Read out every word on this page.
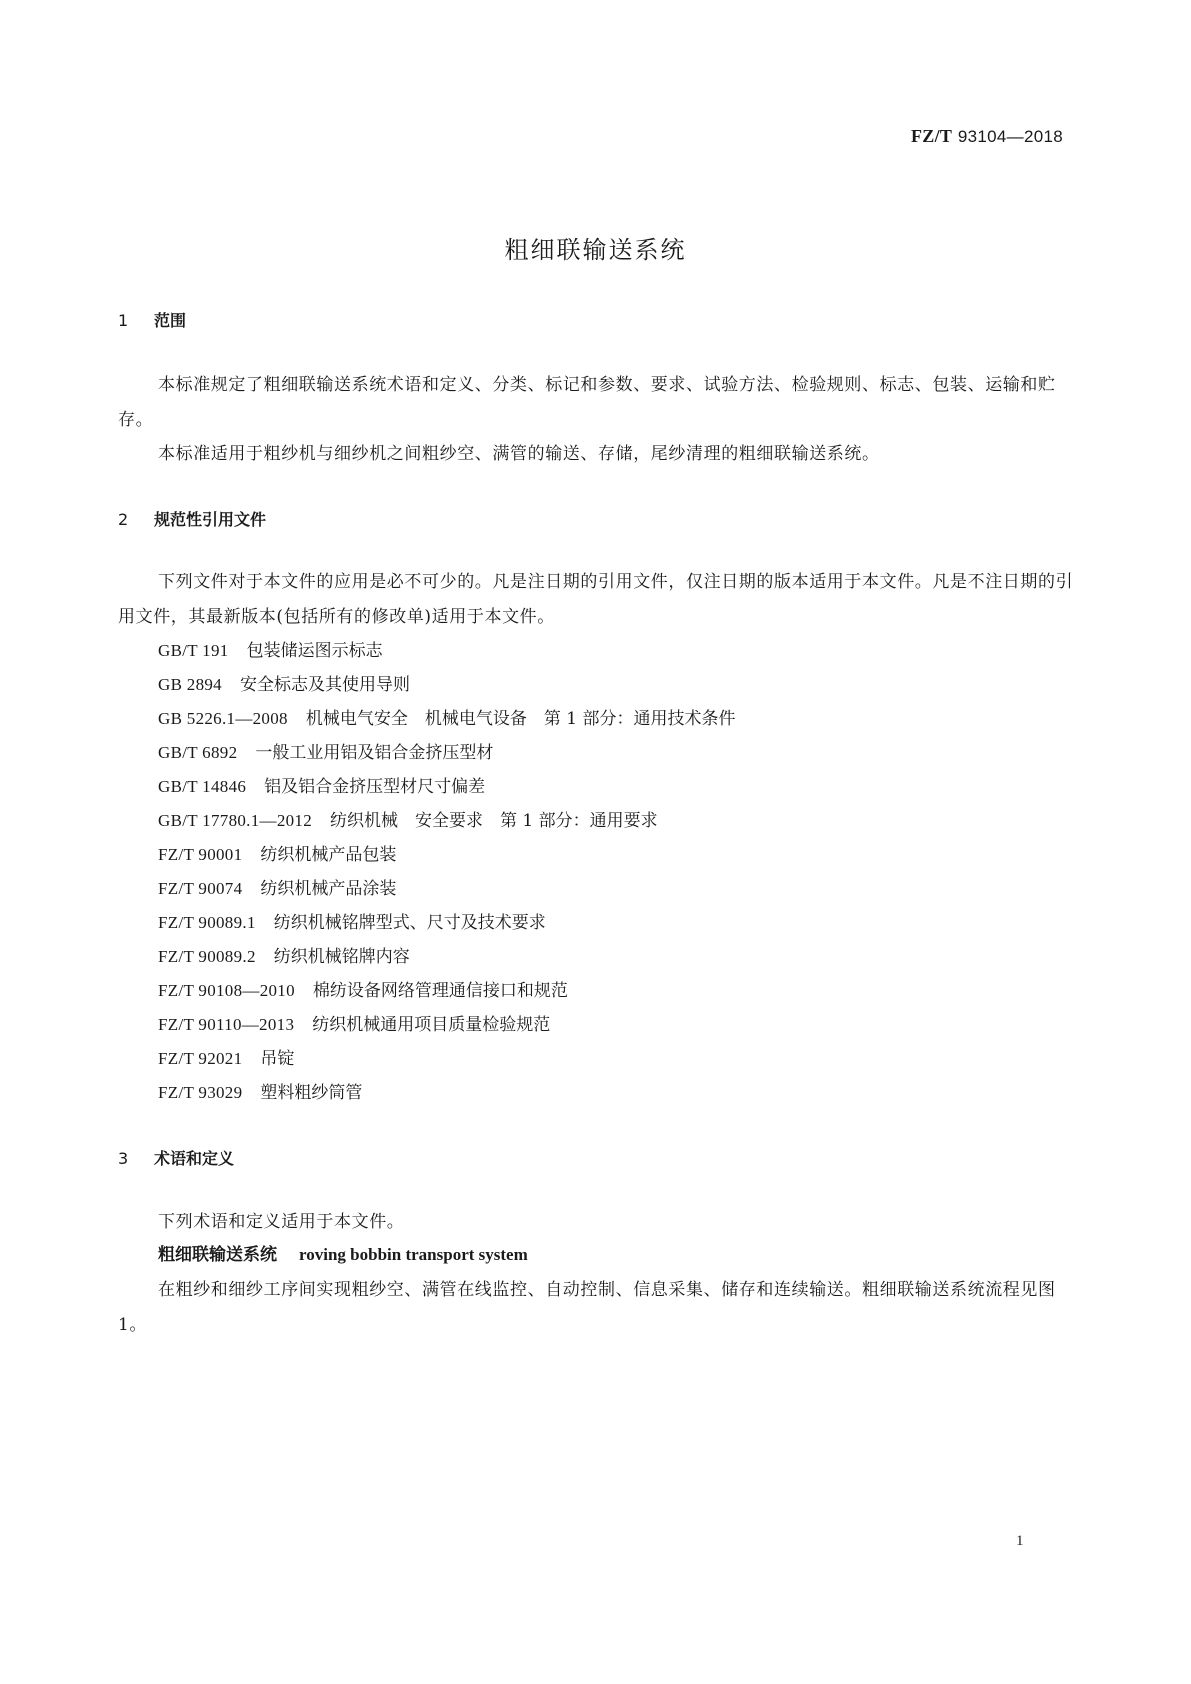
FZ/T 93104—2018
粗细联输送系统
1 范围
本标准规定了粗细联输送系统术语和定义、分类、标记和参数、要求、试验方法、检验规则、标志、包装、运输和贮存。
本标准适用于粗纱机与细纱机之间粗纱空、满管的输送、存储，尾纱清理的粗细联输送系统。
2 规范性引用文件
下列文件对于本文件的应用是必不可少的。凡是注日期的引用文件，仅注日期的版本适用于本文件。凡是不注日期的引用文件，其最新版本(包括所有的修改单)适用于本文件。
GB/T 191 包装储运图示标志
GB 2894 安全标志及其使用导则
GB 5226.1—2008 机械电气安全　机械电气设备　第 1 部分：通用技术条件
GB/T 6892 一般工业用铝及铝合金挤压型材
GB/T 14846 铝及铝合金挤压型材尺寸偏差
GB/T 17780.1—2012 纺织机械　安全要求　第 1 部分：通用要求
FZ/T 90001 纺织机械产品包装
FZ/T 90074 纺织机械产品涂装
FZ/T 90089.1 纺织机械铭牌型式、尺寸及技术要求
FZ/T 90089.2 纺织机械铭牌内容
FZ/T 90108—2010 棉纺设备网络管理通信接口和规范
FZ/T 90110—2013 纺织机械通用项目质量检验规范
FZ/T 92021 吊锭
FZ/T 93029 塑料粗纱筒管
3 术语和定义
下列术语和定义适用于本文件。
粗细联输送系统 roving bobbin transport system
在粗纱和细纱工序间实现粗纱空、满管在线监控、自动控制、信息采集、储存和连续输送。粗细联输送系统流程见图 1。
1
